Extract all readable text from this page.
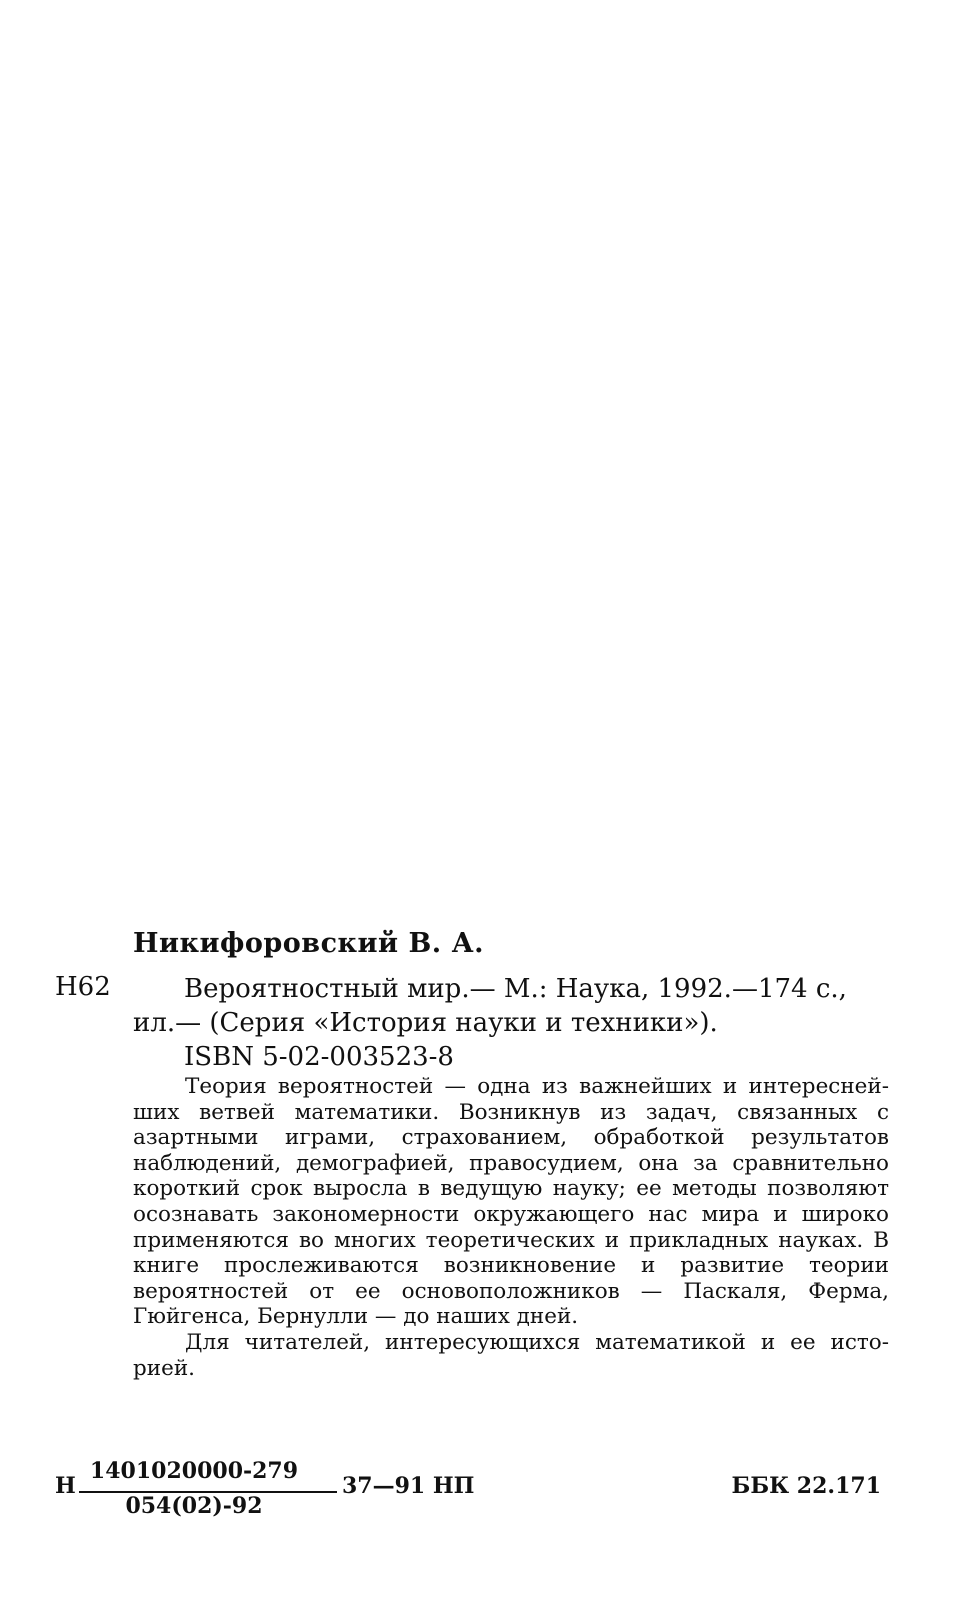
Никифоровский В. А.
Н62	Вероятностный мир.— М.: Наука, 1992.—174 с.,
ил.— (Серия «История науки и техники»).
ISBN 5-02-003523-8

Теория вероятностей — одна из важнейших и интереснейших ветвей математики. Возникнув из задач, связанных с азартными играми, страхованием, обработкой результатов наблюдений, демографией, правосудием, она за сравнительно короткий срок выросла в ведущую науку; ее методы позволяют осознавать закономерности окружающего нас мира и широко применяются во многих теоретических и прикладных науках. В книге прослеживаются возникновение и развитие теории вероятностей от ее основоположников — Паскаля, Ферма, Гюйгенса, Бернулли — до наших дней.

Для читателей, интересующихся математикой и ее историей.

Н
1401020000-279
054(02)-92
37—91 НП	ББК 22.171
